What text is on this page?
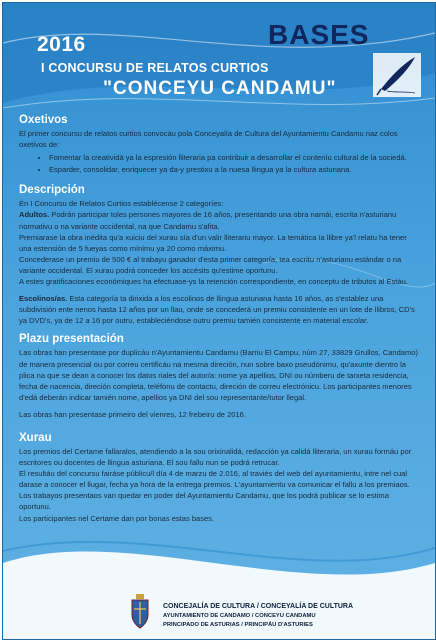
2016	BASES
I CONCURSU DE RELATOS CURTIOS
"CONCEYU CANDAMU"
Oxetivos

El primer concursu de relatos curtios convocáu pola Conceyalía de Cultura del Ayuntamientu Candamu naz colos oxetivos de:

• Fomentar la creatividá ya la espresión lliteraria pa contribuir a desarrollar el conteníu cultural de la sociedá.
• Esparder, consolidar, enriquecer ya da-y prestixu a la nuesa llingua ya la cultura asturiana.
Descripción

En I Concursu de Relatos Curtios establécense 2 categoríes:

Adultos. Podrán participar toles persones mayores de 16 años, presentando una obra namái, escrita n'asturianu normativu o na variante occidental, na que Candamu s'afita.

Premiarase la obra inédita qu'a xuiciu del xurau sía d'un valir lliterariu mayor. La temática ía llibre ya'l relatu ha tener una estensión de 5 fueyas como mínimu ya 20 como máximu.

Concederase un premiu de 500 € al trabayu ganador d'esta primer categoría, tea escritu n'asturianu estándar o na variante occidental. El xurau podrá conceder los accésits qu'estime oportunu.

A estes gratificaciones económiques ha efectuase-ys la retención correspondiente, en conceptu de tributos al Estáu.

Escolinos/as. Esta categoría ta dirixida a los escolinos de llingua asturiana hasta 16 años, as s'establez una subdivisión ente nenos hasta 12 años por un llau, onde se concederá un premiu consistente en un lote de llibros, CD's ya DVD's, ya de 12 a 16 por outru, estableciéndose outru premiu tamién consistente en material escolar.

Plazu presentación

Las obras han presentase por duplicáu n'Ayuntamientu Candamu (Barriu El Campu, núm 27, 33829 Grullos, Candamo) de manera presencial ou por correu certificáu na mesma direción, nun sobre baxo pseudónimu, qu'axunte dientro la plica na que se dean a conocer los datos riales del autor/a: nome ya apellios, DNI ou númberu de tarxeta residencia, fecha de nacencia, direción completa, teléfonu de contactu, direción de correu electrónicu. Los participantes menores d'edá deberán indicar tamién nome, apellios ya DNI del sou representante/tutor llegal.

Las obras han presentase primeiro del vienres, 12 frebeiru de 2016.

Xurau

Los premios del Certame fallaralos, atendiendo a la sou orixinalidá, redacción ya calidá lliteraria, un xurau formáu por escritores ou docentes de llingua asturiana. El sou fallu nun se podrá retrucar.

El resultáu del concursu fairáse públicu/l día 4 de marzu de 2.016, al traviés del web del ayuntamientu, intre nel cual darase a conocer el llugar, fecha ya hora de la entrega premios. L'ayuntamientu va comunicar el fallu a los premiaos.

Los trabayos presentaos van quedar en poder del Ayuntamientu Candamu, que los podrá publicar se lo estima oportunu.

Los participantes nel Certame dan por bonas estas bases.

CONCEJALÍA DE CULTURA / CONCEYALÍA DE CULTURA
AYUNTAMIENTO DE CANDAMO / CONCEYU CANDAMU
PRINCIPADO DE ASTURIAS / PRINCIPÁU D'ASTURIES
